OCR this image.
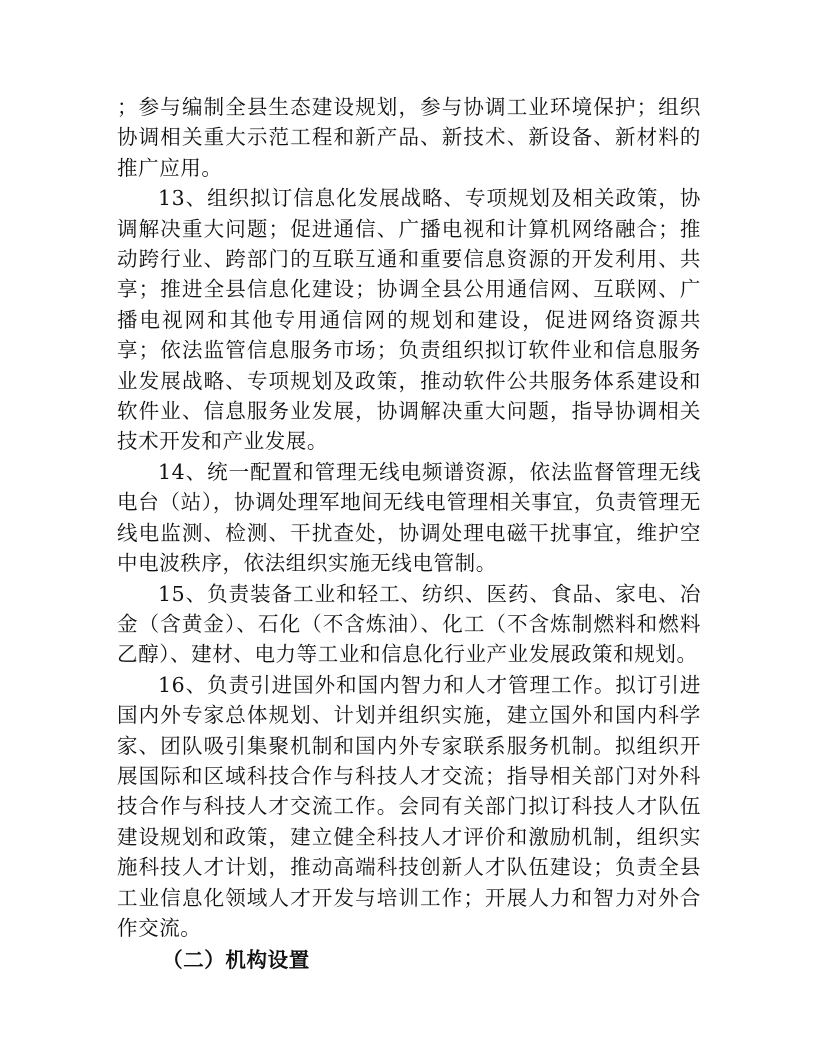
；参与编制全县生态建设规划，参与协调工业环境保护；组织协调相关重大示范工程和新产品、新技术、新设备、新材料的推广应用。

13、组织拟订信息化发展战略、专项规划及相关政策，协调解决重大问题；促进通信、广播电视和计算机网络融合；推动跨行业、跨部门的互联互通和重要信息资源的开发利用、共享；推进全县信息化建设；协调全县公用通信网、互联网、广播电视网和其他专用通信网的规划和建设，促进网络资源共享；依法监管信息服务市场；负责组织拟订软件业和信息服务业发展战略、专项规划及政策，推动软件公共服务体系建设和软件业、信息服务业发展，协调解决重大问题，指导协调相关技术开发和产业发展。

14、统一配置和管理无线电频谱资源，依法监督管理无线电台（站），协调处理军地间无线电管理相关事宜，负责管理无线电监测、检测、干扰查处，协调处理电磁干扰事宜，维护空中电波秩序，依法组织实施无线电管制。

15、负责装备工业和轻工、纺织、医药、食品、家电、冶金（含黄金）、石化（不含炼油）、化工（不含炼制燃料和燃料乙醇）、建材、电力等工业和信息化行业产业发展政策和规划。

16、负责引进国外和国内智力和人才管理工作。拟订引进国内外专家总体规划、计划并组织实施，建立国外和国内科学家、团队吸引集聚机制和国内外专家联系服务机制。拟组织开展国际和区域科技合作与科技人才交流；指导相关部门对外科技合作与科技人才交流工作。会同有关部门拟订科技人才队伍建设规划和政策，建立健全科技人才评价和激励机制，组织实施科技人才计划，推动高端科技创新人才队伍建设；负责全县工业信息化领域人才开发与培训工作；开展人力和智力对外合作交流。

（二）机构设置
